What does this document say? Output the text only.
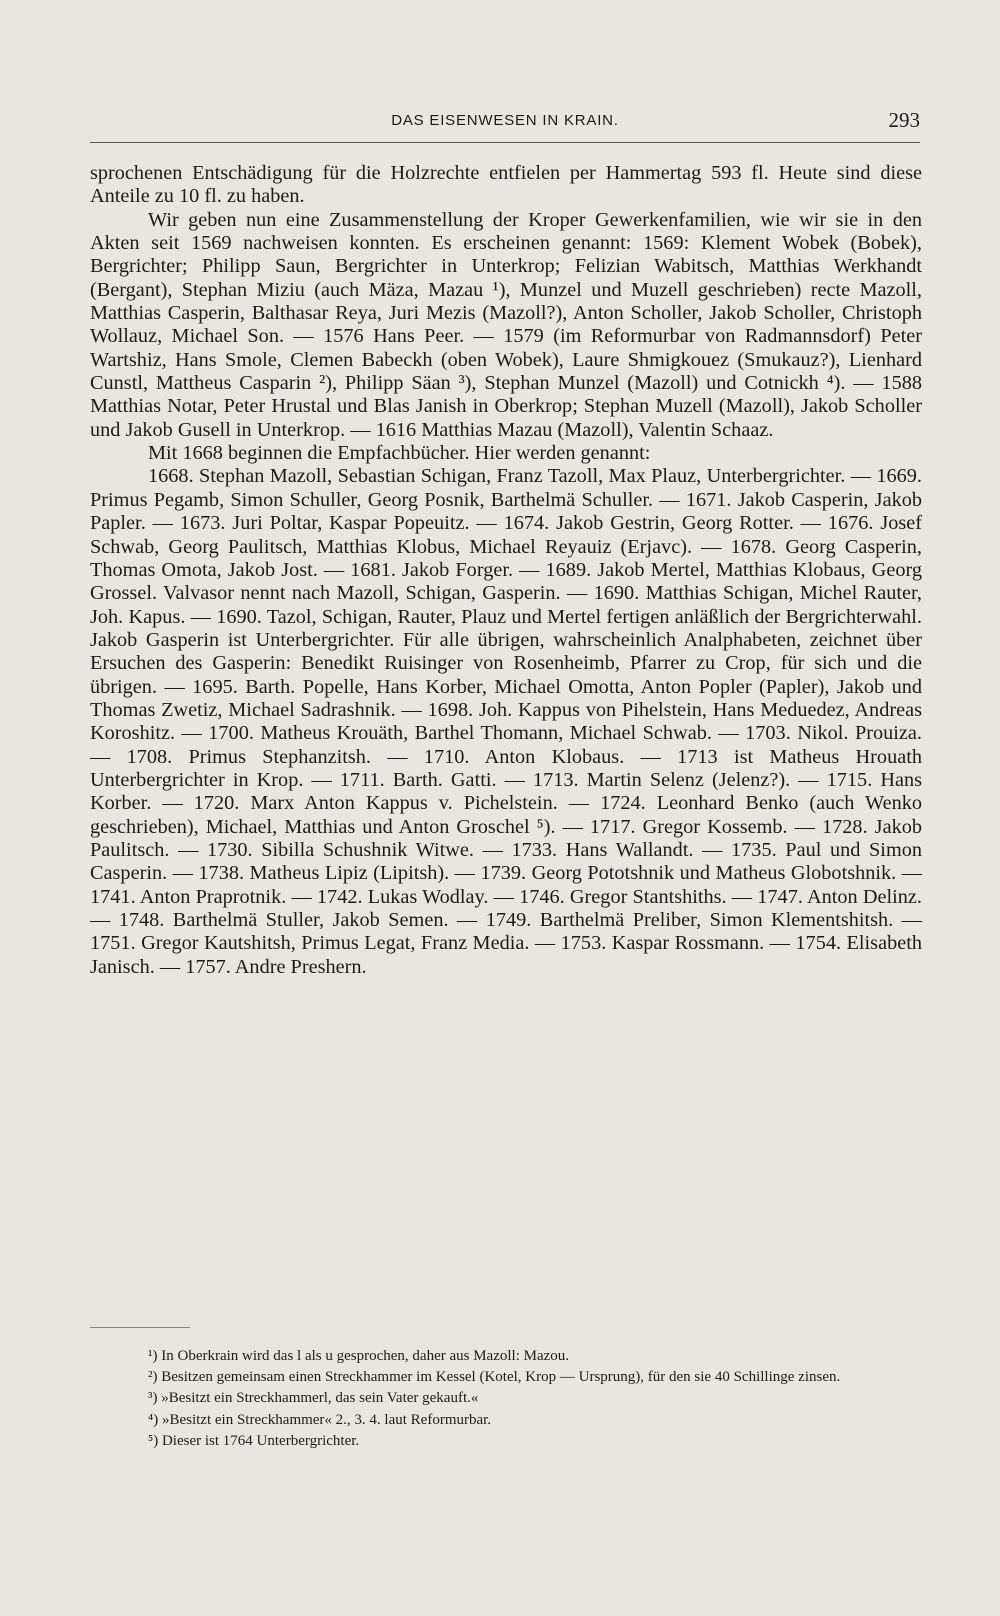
DAS EISENWESEN IN KRAIN.	293

sprochenen Entschädigung für die Holzrechte entfielen per Hammertag 593 fl. Heute sind diese Anteile zu 10 fl. zu haben.

Wir geben nun eine Zusammenstellung der Kroper Gewerkenfamilien, wie wir sie in den Akten seit 1569 nachweisen konnten. Es erscheinen genannt: 1569: Klement Wobek (Bobek), Bergrichter; Philipp Saun, Bergrichter in Unterkrop; Felizian Wabitsch, Matthias Werkhandt (Bergant), Stephan Miziu (auch Mäza, Mazau ¹), Munzel und Muzell geschrieben) recte Mazoll, Matthias Casperin, Balthasar Reya, Juri Mezis (Mazoll?), Anton Scholler, Jakob Scholler, Christoph Wollauz, Michael Son. — 1576 Hans Peer. — 1579 (im Reformurbar von Radmannsdorf) Peter Wartshiz, Hans Smole, Clemen Babeckh (oben Wobek), Laure Shmigkouez (Smukauz?), Lienhard Cunstl, Mattheus Casparin ²), Philipp Säan ³), Stephan Munzel (Mazoll) und Cotnickh ⁴). — 1588 Matthias Notar, Peter Hrustal und Blas Janish in Oberkrop; Stephan Muzell (Mazoll), Jakob Scholler und Jakob Gusell in Unterkrop. — 1616 Matthias Mazau (Mazoll), Valentin Schaaz.

Mit 1668 beginnen die Empfachbücher. Hier werden genannt:

1668. Stephan Mazoll, Sebastian Schigan, Franz Tazoll, Max Plauz, Unterbergrichter. — 1669. Primus Pegamb, Simon Schuller, Georg Posnik, Barthelmä Schuller. — 1671. Jakob Casperin, Jakob Papler. — 1673. Juri Poltar, Kaspar Popeuitz. — 1674. Jakob Gestrin, Georg Rotter. — 1676. Josef Schwab, Georg Paulitsch, Matthias Klobus, Michael Reyauiz (Erjavc). — 1678. Georg Casperin, Thomas Omota, Jakob Jost. — 1681. Jakob Forger. — 1689. Jakob Mertel, Matthias Klobaus, Georg Grossel. Valvasor nennt nach Mazoll, Schigan, Gasperin. — 1690. Matthias Schigan, Michel Rauter, Joh. Kapus. — 1690. Tazol, Schigan, Rauter, Plauz und Mertel fertigen anläßlich der Bergrichterwahl. Jakob Gasperin ist Unterbergrichter. Für alle übrigen, wahrscheinlich Analphabeten, zeichnet über Ersuchen des Gasperin: Benedikt Ruisinger von Rosenheimb, Pfarrer zu Crop, für sich und die übrigen. — 1695. Barth. Popelle, Hans Korber, Michael Omotta, Anton Popler (Papler), Jakob und Thomas Zwetiz, Michael Sadrashnik. — 1698. Joh. Kappus von Pihelstein, Hans Meduedez, Andreas Koroshitz. — 1700. Matheus Krouäth, Barthel Thomann, Michael Schwab. — 1703. Nikol. Prouiza. — 1708. Primus Stephanzitsh. — 1710. Anton Klobaus. — 1713 ist Matheus Hrouath Unterbergrichter in Krop. — 1711. Barth. Gatti. — 1713. Martin Selenz (Jelenz?). — 1715. Hans Korber. — 1720. Marx Anton Kappus v. Pichelstein. — 1724. Leonhard Benko (auch Wenko geschrieben), Michael, Matthias und Anton Groschel ⁵). — 1717. Gregor Kossemb. — 1728. Jakob Paulitsch. — 1730. Sibilla Schushnik Witwe. — 1733. Hans Wallandt. — 1735. Paul und Simon Casperin. — 1738. Matheus Lipiz (Lipitsh). — 1739. Georg Pototshnik und Matheus Globotshnik. — 1741. Anton Praprotnik. — 1742. Lukas Wodlay. — 1746. Gregor Stantshiths. — 1747. Anton Delinz. — 1748. Barthelmä Stuller, Jakob Semen. — 1749. Barthelmä Preliber, Simon Klementshitsh. — 1751. Gregor Kautshitsh, Primus Legat, Franz Media. — 1753. Kaspar Rossmann. — 1754. Elisabeth Janisch. — 1757. Andre Preshern.

¹) In Oberkrain wird das l als u gesprochen, daher aus Mazoll: Mazou.

²) Besitzen gemeinsam einen Streckhammer im Kessel (Kotel, Krop — Ursprung), für den sie 40 Schillinge zinsen.

³) »Besitzt ein Streckhammerl, das sein Vater gekauft.«

⁴) »Besitzt ein Streckhammer« 2., 3. 4. laut Reformurbar.

⁵) Dieser ist 1764 Unterbergrichter.
